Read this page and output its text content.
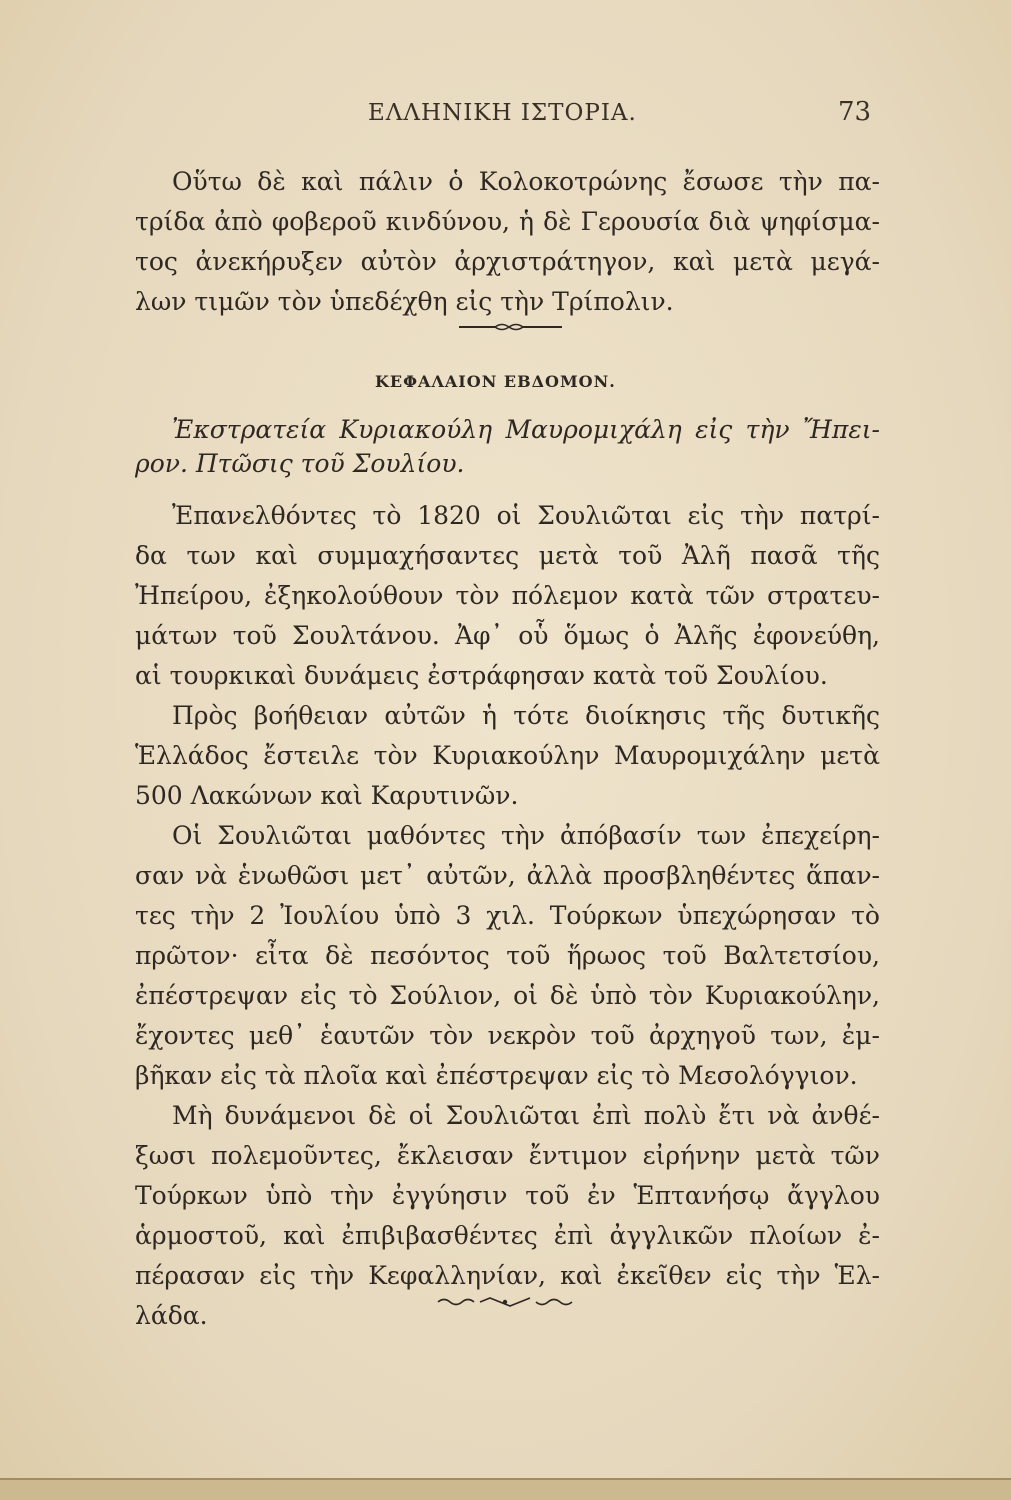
ΕΛΛΗΝΙΚΗ ΙΣΤΟΡΙΑ.	73
Οὕτω δὲ καὶ πάλιν ὁ Κολοκοτρώνης ἔσωσε τὴν πα-
τρίδα ἀπὸ φοβεροῦ κινδύνου, ἡ δὲ Γερουσία διὰ ψηφίσμα-
τος ἀνεκήρυξεν αὐτὸν ἀρχιστράτηγον, καὶ μετὰ μεγά-
λων τιμῶν τὸν ὑπεδέχθη εἰς τὴν Τρίπολιν.
ΚΕΦΑΛΑΙΟΝ ΕΒΔΟΜΟΝ.
Ἐκστρατεία Κυριακούλη Μαυρομιχάλη εἰς τὴν Ἤπει-
ρον. Πτῶσις τοῦ Σουλίου.
Ἐπανελθόντες τὸ 1820 οἱ Σουλιῶται εἰς τὴν πατρί-
δα των καὶ συμμαχήσαντες μετὰ τοῦ Ἀλῆ πασᾶ τῆς
Ἠπείρου, ἐξηκολούθουν τὸν πόλεμον κατὰ τῶν στρατευ-
μάτων τοῦ Σουλτάνου. Ἀφ᾽ οὗ ὅμως ὁ Ἀλῆς ἐφονεύθη,
αἱ τουρκικαὶ δυνάμεις ἐστράφησαν κατὰ τοῦ Σουλίου.
Πρὸς βοήθειαν αὐτῶν ἡ τότε διοίκησις τῆς δυτικῆς
Ἑλλάδος ἔστειλε τὸν Κυριακούλην Μαυρομιχάλην μετὰ
500 Λακώνων καὶ Καρυτινῶν.
Οἱ Σουλιῶται μαθόντες τὴν ἀπόβασίν των ἐπεχείρη-
σαν νὰ ἑνωθῶσι μετ᾽ αὐτῶν, ἀλλὰ προσβληθέντες ἅπαν-
τες τὴν 2 Ἰουλίου ὑπὸ 3 χιλ. Τούρκων ὑπεχώρησαν τὸ
πρῶτον· εἶτα δὲ πεσόντος τοῦ ἥρωος τοῦ Βαλτετσίου,
ἐπέστρεψαν εἰς τὸ Σούλιον, οἱ δὲ ὑπὸ τὸν Κυριακούλην,
ἔχοντες μεθ᾽ ἑαυτῶν τὸν νεκρὸν τοῦ ἀρχηγοῦ των, ἐμ-
βῆκαν εἰς τὰ πλοῖα καὶ ἐπέστρεψαν εἰς τὸ Μεσολόγγιον.
Μὴ δυνάμενοι δὲ οἱ Σουλιῶται ἐπὶ πολὺ ἔτι νὰ ἀνθέ-
ξωσι πολεμοῦντες, ἔκλεισαν ἔντιμον εἰρήνην μετὰ τῶν
Τούρκων ὑπὸ τὴν ἐγγύησιν τοῦ ἐν Ἑπτανήσῳ ἄγγλου
ἁρμοστοῦ, καὶ ἐπιβιβασθέντες ἐπὶ ἀγγλικῶν πλοίων ἐ-
πέρασαν εἰς τὴν Κεφαλληνίαν, καὶ ἐκεῖθεν εἰς τὴν Ἑλ-
λάδα.
